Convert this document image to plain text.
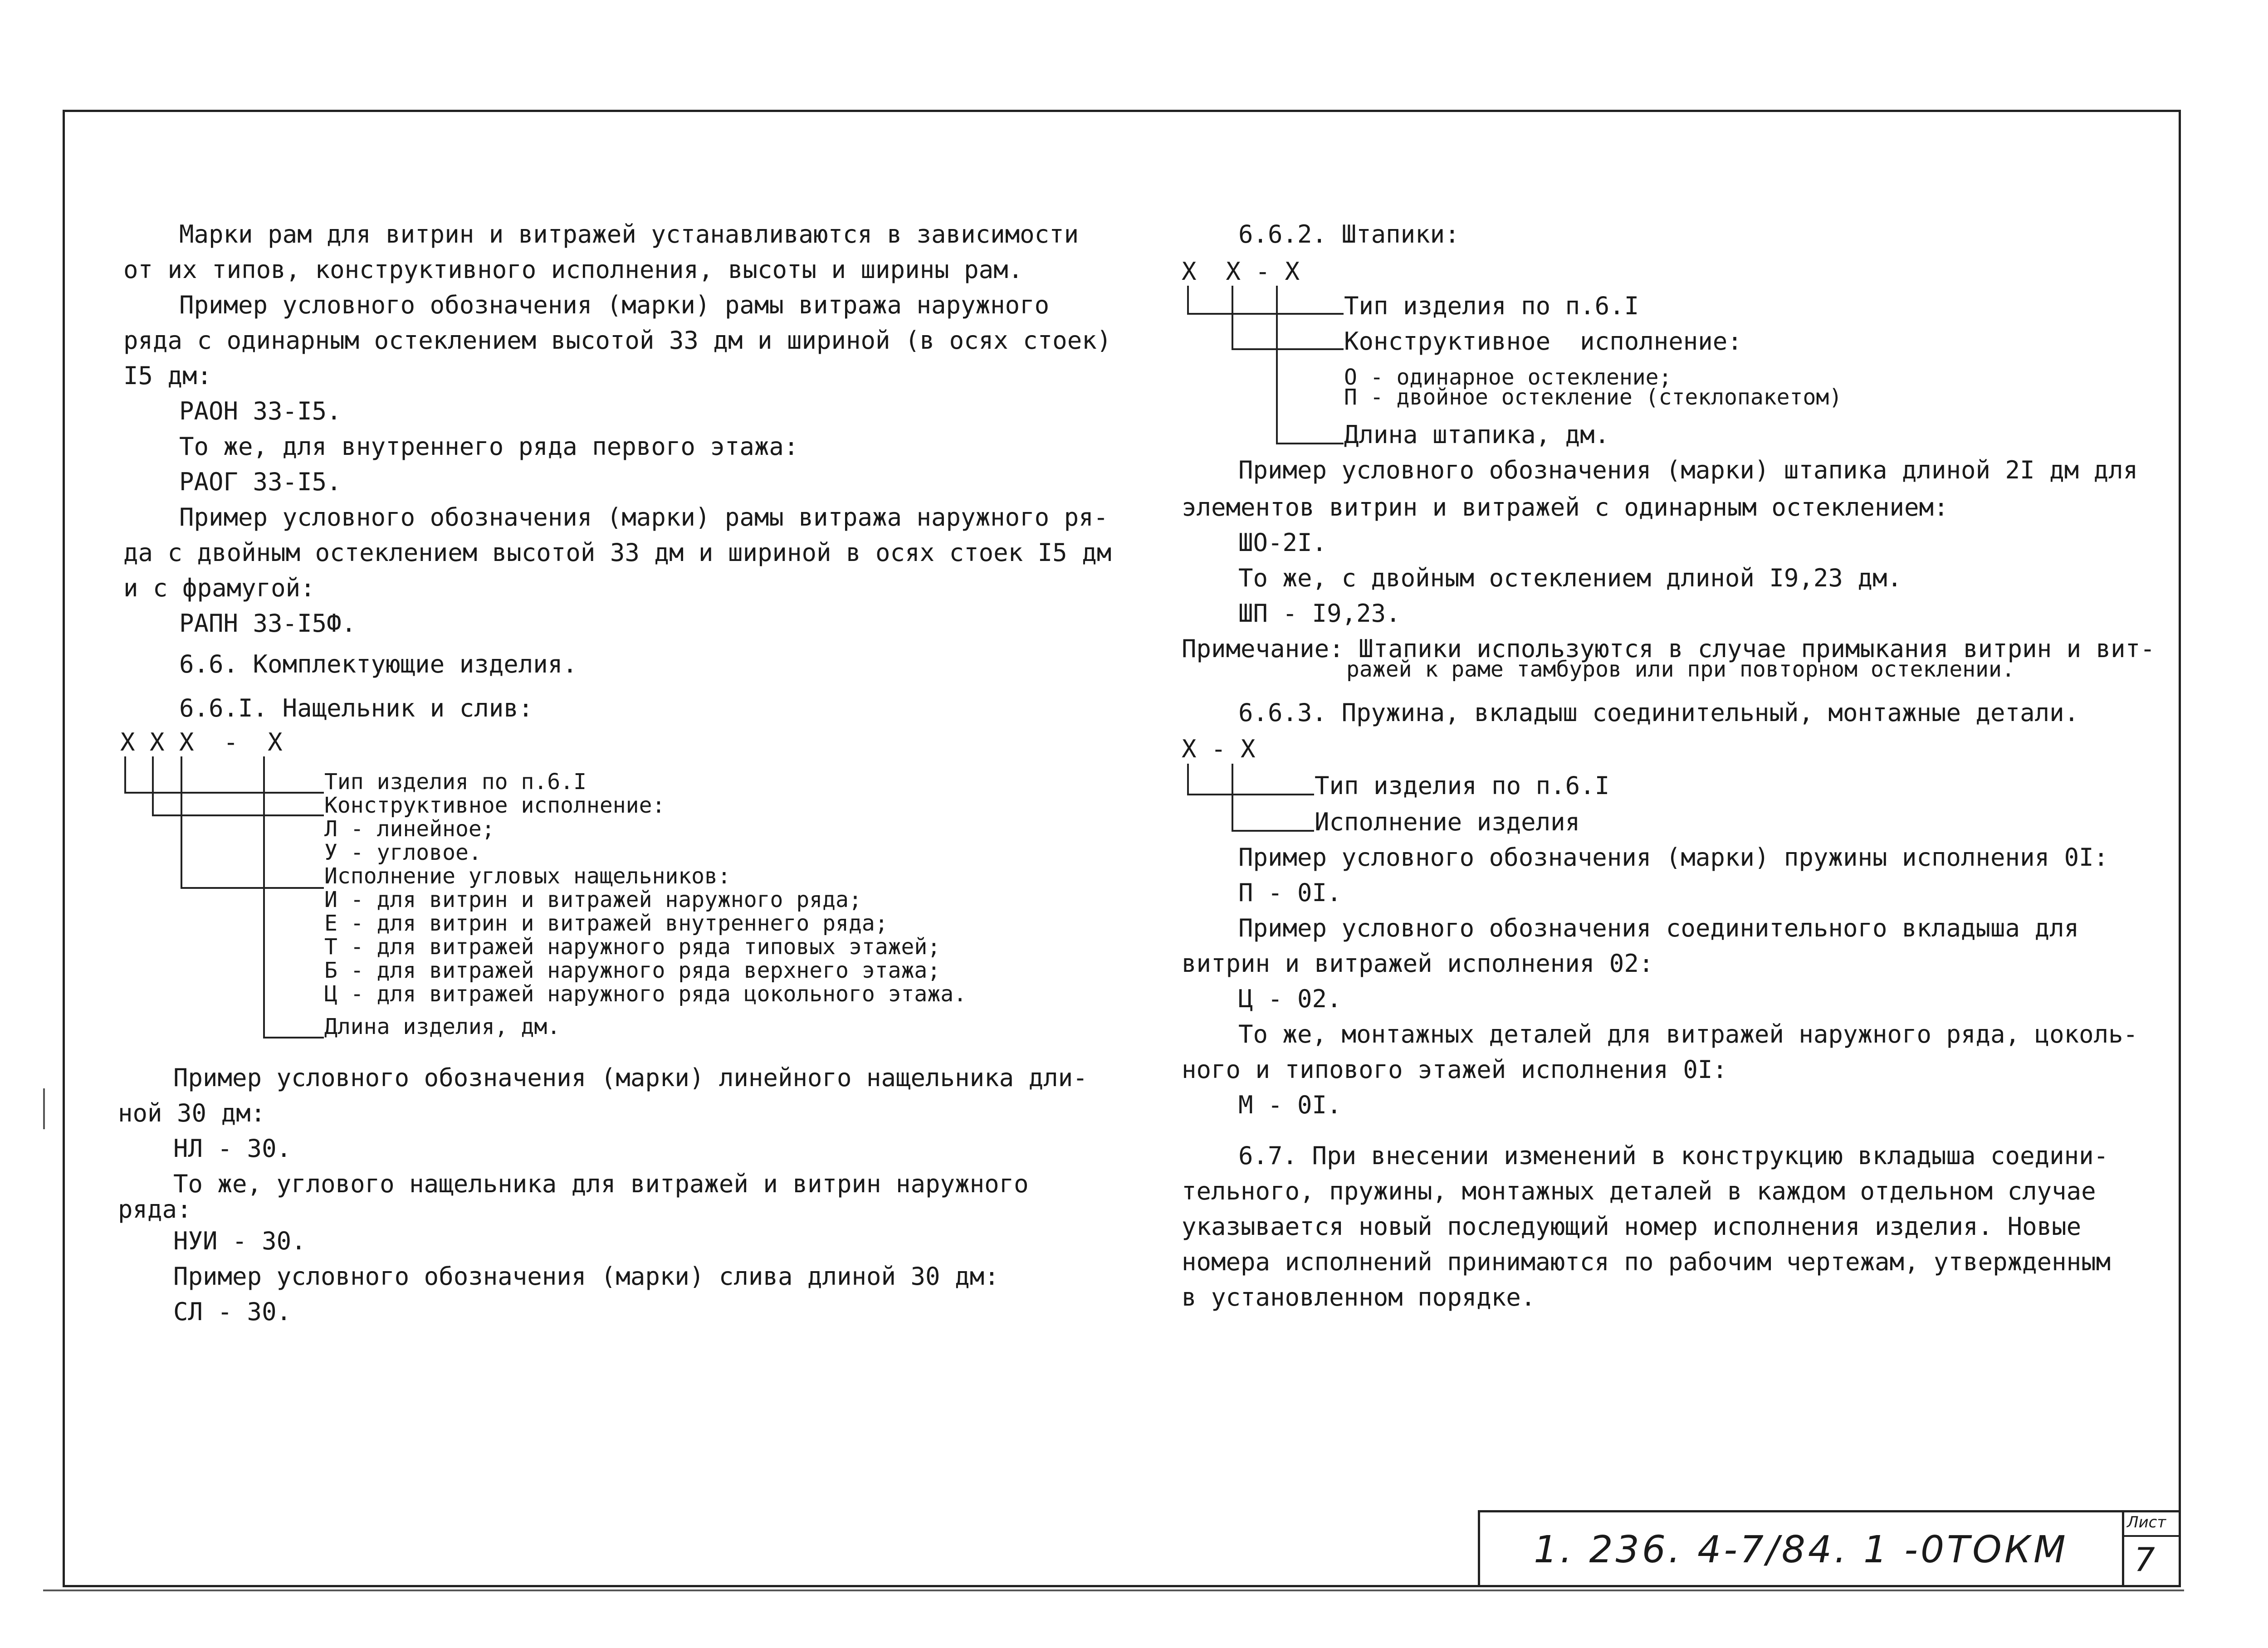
Марки рам для витрин и витражей устанавливаются в зависимости
от их типов, конструктивного исполнения, высоты и ширины рам.
Пример условного обозначения (марки) рамы витража наружного
ряда с одинарным остеклением высотой 33 дм и шириной (в осях стоек)
I5 дм:
РАОН 33-I5.
То же, для внутреннего ряда первого этажа:
РАОГ 33-I5.
Пример условного обозначения (марки) рамы витража наружного ря-
да с двойным остеклением высотой 33 дм и шириной в осях стоек I5 дм
и с фрамугой:
РАПН 33-I5Ф.
6.6. Комплектующие изделия.
6.6.I. Нащельник и слив:
X X X  -  X
Тип изделия по п.6.I
Конструктивное исполнение:
Л - линейное;
У - угловое.
Исполнение угловых нащельников:
И - для витрин и витражей наружного ряда;
Е - для витрин и витражей внутреннего ряда;
Т - для витражей наружного ряда типовых этажей;
Б - для витражей наружного ряда верхнего этажа;
Ц - для витражей наружного ряда цокольного этажа.
Длина изделия, дм.
Пример условного обозначения (марки) линейного нащельника дли-
ной 30 дм:
НЛ - 30.
То же, углового нащельника для витражей и витрин наружного
ряда:
НУИ - 30.
Пример условного обозначения (марки) слива длиной 30 дм:
СЛ - 30.
6.6.2. Штапики:
X  X - X
Тип изделия по п.6.I
Конструктивное  исполнение:
О - одинарное остекление;
П - двойное остекление (стеклопакетом)
Длина штапика, дм.
Пример условного обозначения (марки) штапика длиной 2I дм для
элементов витрин и витражей с одинарным остеклением:
ШО-2I.
То же, с двойным остеклением длиной I9,23 дм.
ШП - I9,23.
Примечание: Штапики используются в случае примыкания витрин и вит-
ражей к раме тамбуров или при повторном остеклении.
6.6.3. Пружина, вкладыш соединительный, монтажные детали.
X - X
Тип изделия по п.6.I
Исполнение изделия
Пример условного обозначения (марки) пружины исполнения 0I:
П - 0I.
Пример условного обозначения соединительного вкладыша для
витрин и витражей исполнения 02:
Ц - 02.
То же, монтажных деталей для витражей наружного ряда, цоколь-
ного и типового этажей исполнения 0I:
М - 0I.
6.7. При внесении изменений в конструкцию вкладыша соедини-
тельного, пружины, монтажных деталей в каждом отдельном случае
указывается новый последующий номер исполнения изделия. Новые
номера исполнений принимаются по рабочим чертежам, утвержденным
в установленном порядке.
1. 236. 4-7/84. 1 -0ТОКМ
Лист
7
